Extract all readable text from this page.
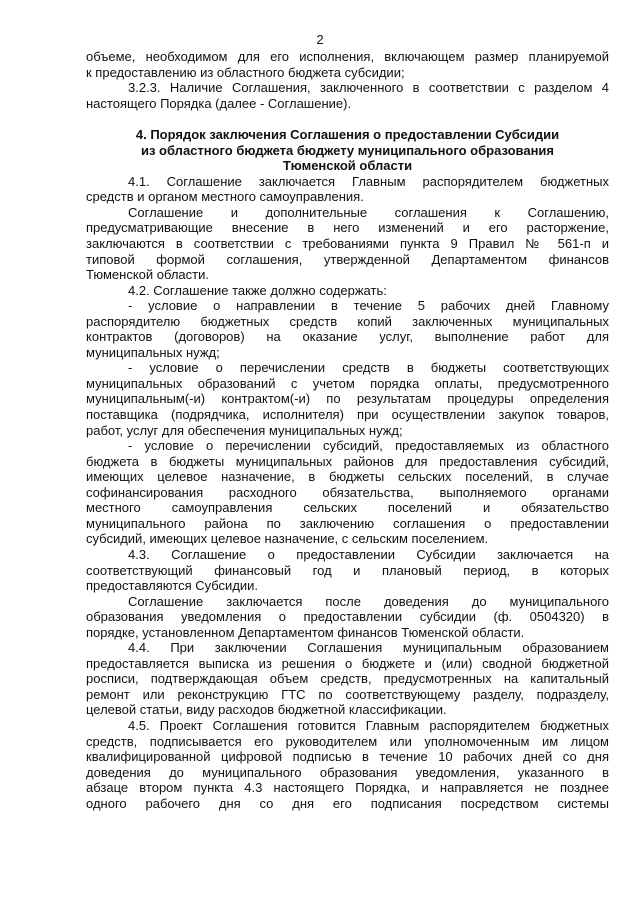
2
объеме, необходимом для его исполнения, включающем размер планируемой
к предоставлению из областного бюджета субсидии;
3.2.3. Наличие Соглашения, заключенного в соответствии с разделом 4
настоящего Порядка (далее - Соглашение).
4. Порядок заключения Соглашения о предоставлении Субсидии
из областного бюджета бюджету муниципального образования
Тюменской области
4.1. Соглашение заключается Главным распорядителем бюджетных
средств и органом местного самоуправления.
Соглашение и дополнительные соглашения к Соглашению,
предусматривающие внесение в него изменений и его расторжение,
заключаются в соответствии с требованиями пункта 9 Правил № 561-п и
типовой формой соглашения, утвержденной Департаментом финансов
Тюменской области.
4.2. Соглашение также должно содержать:
- условие о направлении в течение 5 рабочих дней Главному
распорядителю бюджетных средств копий заключенных муниципальных
контрактов (договоров) на оказание услуг, выполнение работ для
муниципальных нужд;
- условие о перечислении средств в бюджеты соответствующих
муниципальных образований с учетом порядка оплаты, предусмотренного
муниципальным(-и) контрактом(-и) по результатам процедуры определения
поставщика (подрядчика, исполнителя) при осуществлении закупок товаров,
работ, услуг для обеспечения муниципальных нужд;
- условие о перечислении субсидий, предоставляемых из областного
бюджета в бюджеты муниципальных районов для предоставления субсидий,
имеющих целевое назначение, в бюджеты сельских поселений, в случае
софинансирования расходного обязательства, выполняемого органами
местного самоуправления сельских поселений и обязательство
муниципального района по заключению соглашения о предоставлении
субсидий, имеющих целевое назначение, с сельским поселением.
4.3. Соглашение о предоставлении Субсидии заключается на
соответствующий финансовый год и плановый период, в которых
предоставляются Субсидии.
Соглашение заключается после доведения до муниципального
образования уведомления о предоставлении субсидии (ф. 0504320) в
порядке, установленном Департаментом финансов Тюменской области.
4.4. При заключении Соглашения муниципальным образованием
предоставляется выписка из решения о бюджете и (или) сводной бюджетной
росписи, подтверждающая объем средств, предусмотренных на капитальный
ремонт или реконструкцию ГТС по соответствующему разделу, подразделу,
целевой статьи, виду расходов бюджетной классификации.
4.5. Проект Соглашения готовится Главным распорядителем бюджетных
средств, подписывается его руководителем или уполномоченным им лицом
квалифицированной цифровой подписью в течение 10 рабочих дней со дня
доведения до муниципального образования уведомления, указанного в
абзаце втором пункта 4.3 настоящего Порядка, и направляется не позднее
одного рабочего дня со дня его подписания посредством системы
